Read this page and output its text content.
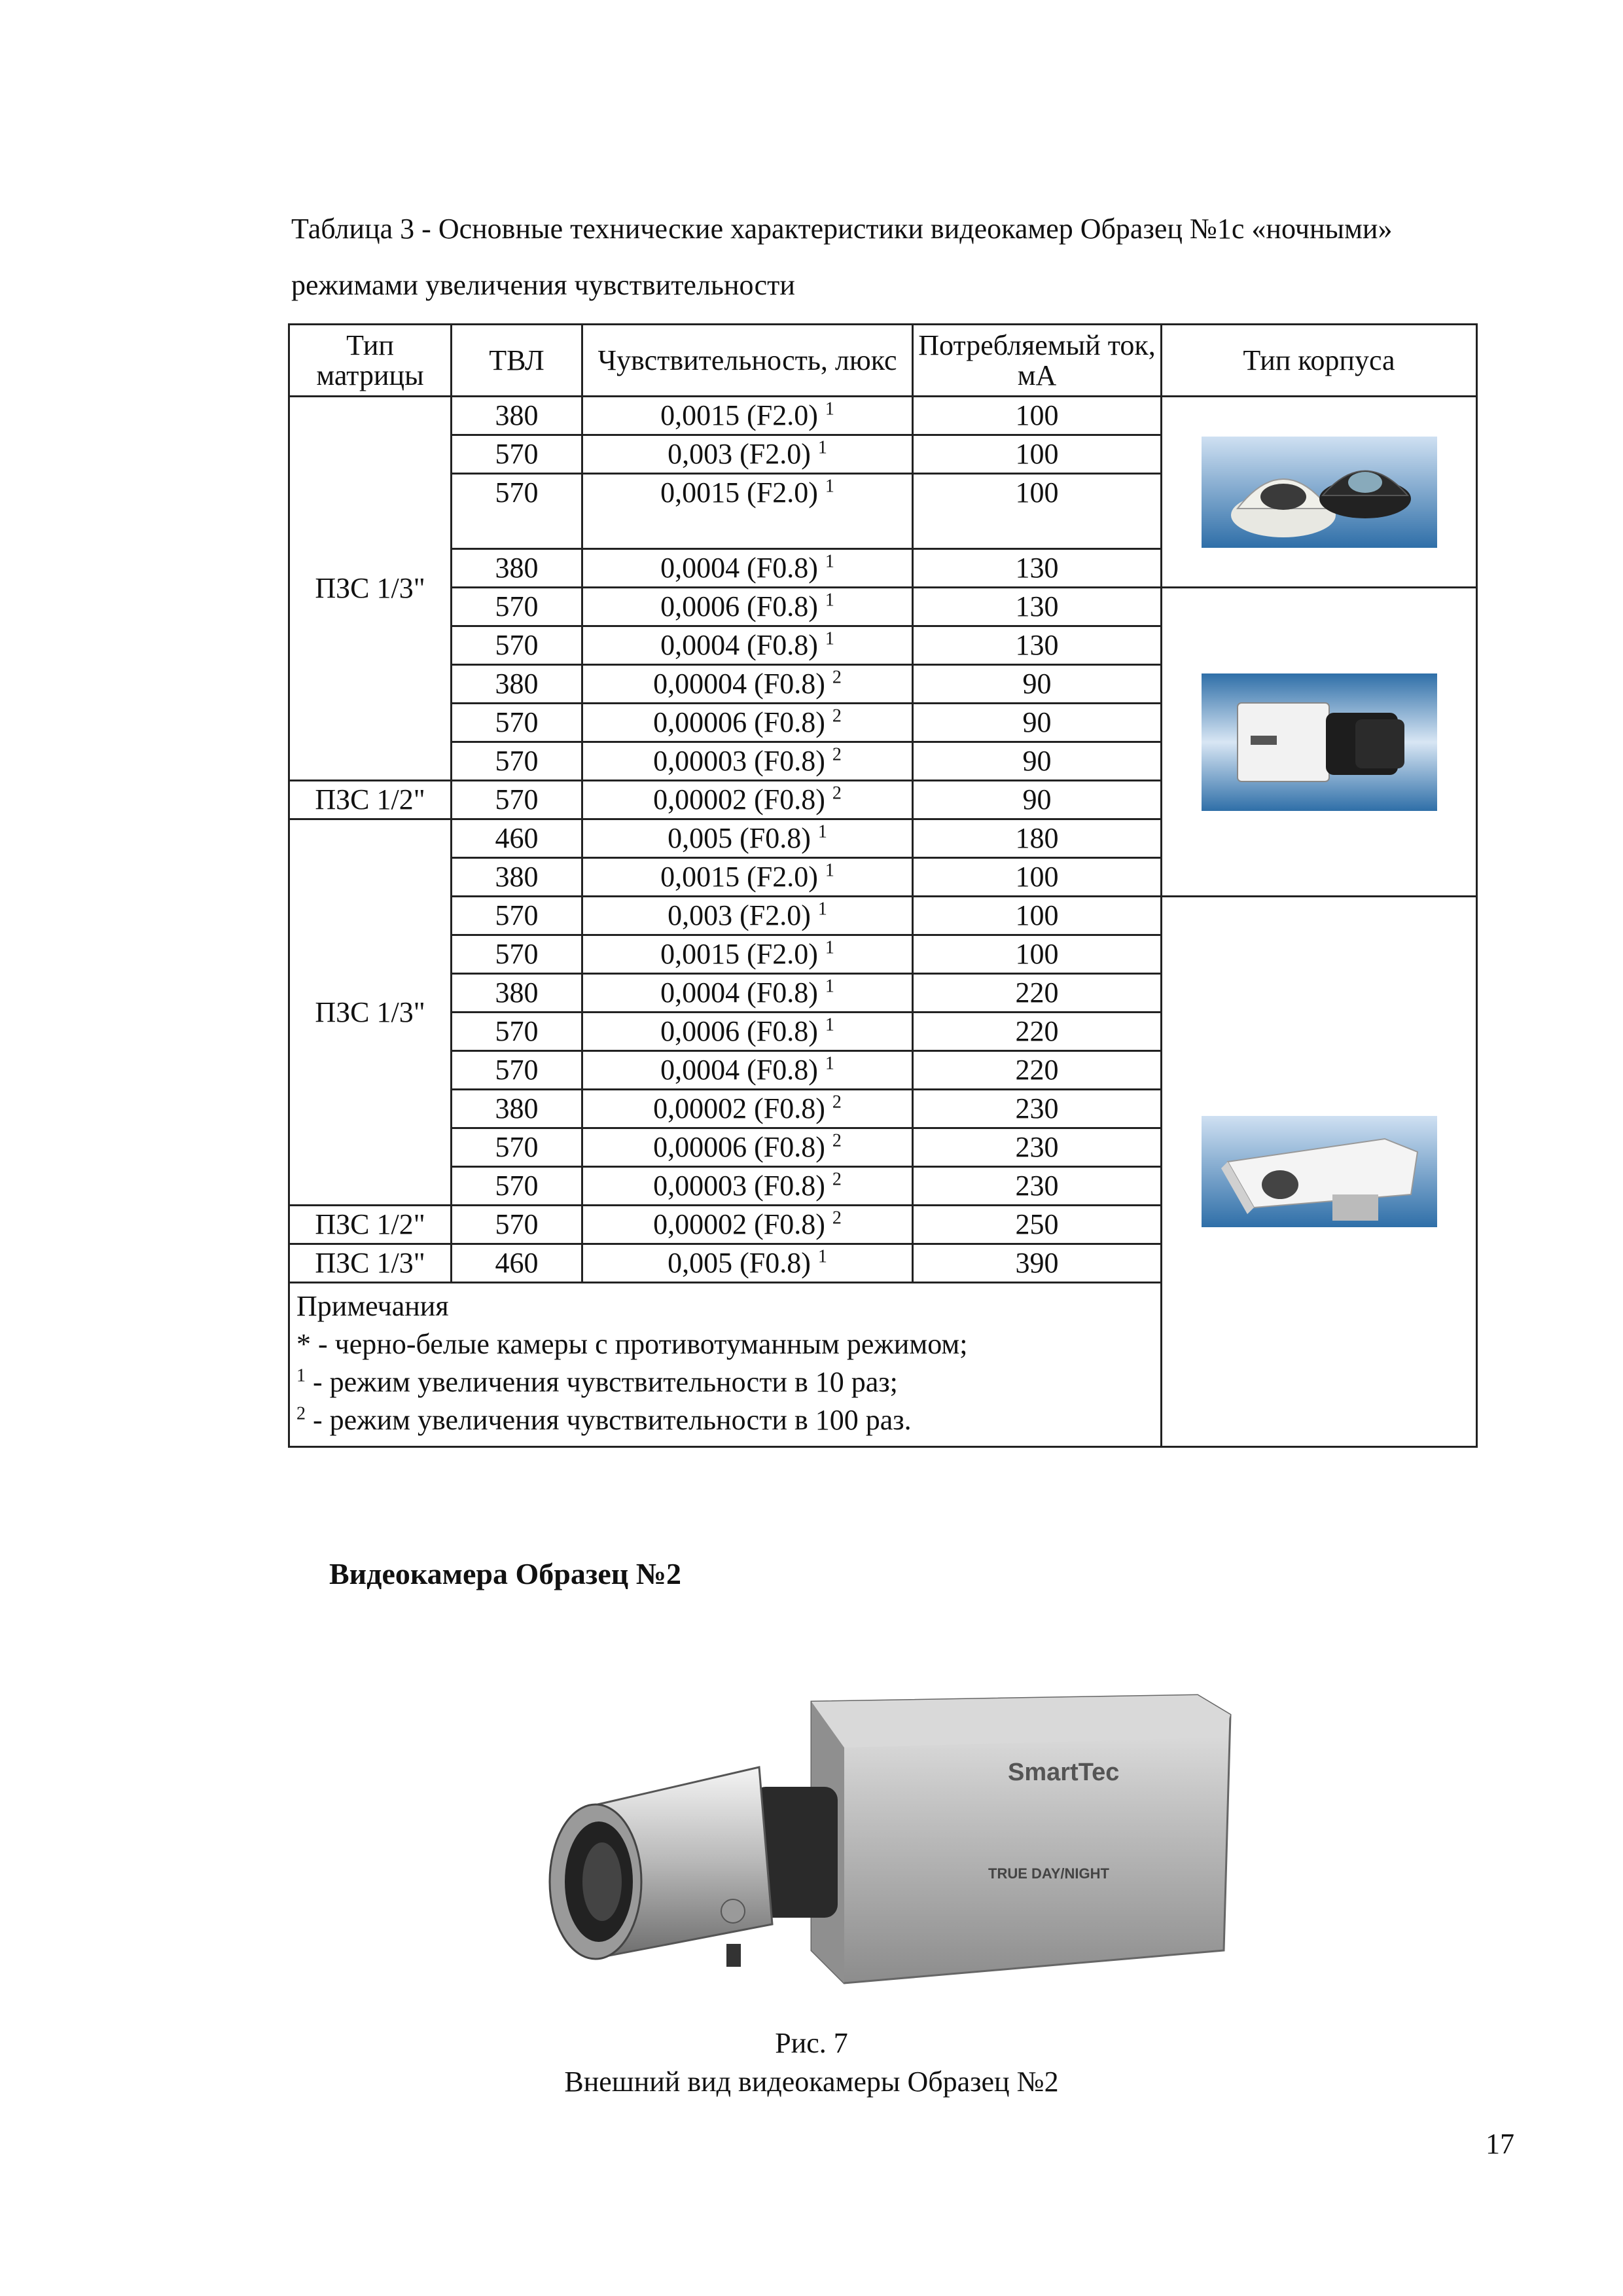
Таблица 3 - Основные технические характеристики видеокамер Образец №1с «ночными»
режимами увеличения чувствительности
Тип матрицы	ТВЛ	Чувствительность, люкс	Потребляемый ток, мА	Тип корпуса
ПЗС 1/3"	380	0,0015 (F2.0) $^1$	100	

	570	0,003 (F2.0) $^1$	100	
	570	0,0015 (F2.0) $^1$	100	
	380	0,0004 (F0.8) $^1$	130	
	570	0,0006 (F0.8) $^1$	130	

	570	0,0004 (F0.8) $^1$	130	
	380	0,00004 (F0.8) $^2$	90	
	570	0,00006 (F0.8) $^2$	90	
	570	0,00003 (F0.8) $^2$	90	
ПЗС 1/2"	570	0,00002 (F0.8) $^2$	90	
ПЗС 1/3"	460	0,005 (F0.8) $^1$	180	
	380	0,0015 (F2.0) $^1$	100	
	570	0,003 (F2.0) $^1$	100	

	570	0,0015 (F2.0) $^1$	100	
	380	0,0004 (F0.8) $^1$	220	
	570	0,0006 (F0.8) $^1$	220	
	570	0,0004 (F0.8) $^1$	220	
	380	0,00002 (F0.8) $^2$	230	
	570	0,00006 (F0.8) $^2$	230	
	570	0,00003 (F0.8) $^2$	230	
ПЗС 1/2"	570	0,00002 (F0.8) $^2$	250	
ПЗС 1/3"	460	0,005 (F0.8) $^1$	390	

Примечания
* - черно-белые камеры с противотуманным режимом;
$^1$ - режим увеличения чувствительности в 10 раз;
$^2$ - режим увеличения чувствительности в 100 раз.				
Видеокамера Образец №2
SmartTec
TRUE DAY/NIGHT
Рис. 7
Внешний вид видеокамеры Образец №2
17
